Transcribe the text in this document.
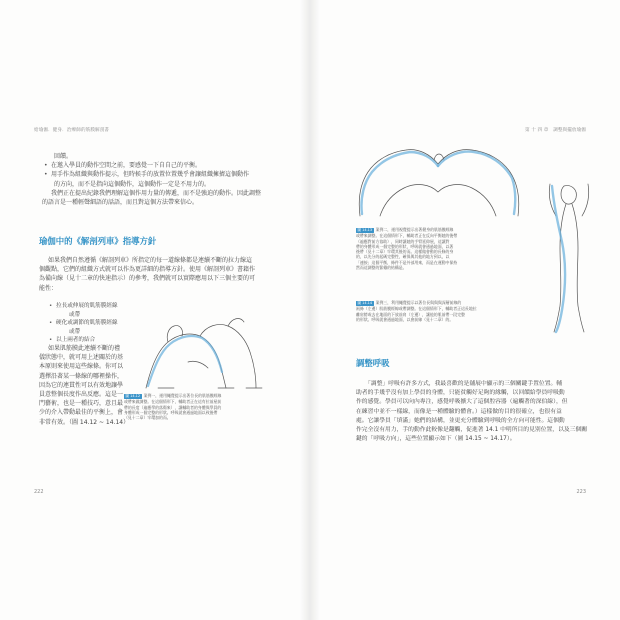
給瑜伽．健身．治療師的筋膜解剖書

回饋。

• 在邀入學員的動作空間之前，要感覺一下自自己的平衡。

• 用手作為組織與動作提示，但時候手的放置位置幾乎會讓組織擁擠這個動作

的方向，而不是指向這個動作，這個動作一定是不用力的。

我們正在提出紀錄我們理解這個作用力量的傳遞，而不是強迫的動作。因此調整

的語言是一種輕聲細語的話語，而且對這個方法帶來信心。

瑜伽中的《解剖列車》指導方針

如果我們自然遵循《解剖列車》所指定的每一道線條都是連續不斷的拉力線這

個觀點，它們的組織方式就可以作為更詳細的指導方針。使用《解剖列車》書籍作

為備向線（見十二章的快速指示）的參考，我們就可以實際應用以下三個主要的可

能性：

• 拉長或伸展的肌筋膜經線

或帶

• 硬化或調節的肌筋膜經線

或帶

• 以上兩者的結合

如果肌筋膜此連續不斷的禮

儀狀態中，就可用上述關於的基

本原則來使用這些線條。你可以

選擇沿著某一條線的哪裡操作，

因為它的連貫性可以有效地讓學

員意整個長度作出反應。這是一

門藝術，也是一種技巧，意且最

少的介入帶動最佳的平衡上，會

非常有效。（圖 14.12 ~ 14.14）

圖 14.12 案例一，運用繩覺提示出著位長的肌筋膜經線
或帶來做調整。在這個情形下，輔助者正在這有拉前屋前
帶的長度（遍應學的落傷來），讓輔助者的身體與學員的
身體形成一個完整的形狀。呼吸就會通過地面以致後帶
（見十二章）牢環加的而。
222
第 十 四 章　調整與擺放瑜伽
圖 14.13 案例二，運用視覺提示出著健身的肌筋膜經線
或帶來調整。在這個情形下，輔助者正在反向平衡她的後帶
（遍應對前方協助），同時讓她的手臂延仰展，這讓對
帶的身體形成一個完整的形狀，呼吸就會通過地面，以著
後帶（見十二章）牢環其後的而。這樣做會動的長條的身
的，以先分的起碼完整性，確保與其他的地方到以，以
「連接」這個平衡，條件不是外部用來，而是在運動中保持
然而這調整的緊繃的結構是。
圖 14.14 案例三，利用繩覺提示以著位長與與與深層前線的
兩條（左邊）肌筋膜經線或帶調整。在這個情形下，輔助者正這長地拉
離肩膀或去在地面的下放前肩（左邊），讓他的肌前帶一段完整
的形狀。呼吸就會通過地面，以會前線（見十二章）的。
調整呼吸

「調整」呼吸有許多方式，我最喜歡的是舖展中顯示的三個關鍵手置位置。輔

助者的手幾乎沒有加上學員的身體，只能貧觸好足夠的緣觸，以回饋給學員呼吸動

作的感覺。學員可以向內專注，感覺呼吸擴大了這個腔容器（遍觸著的深伯線），但

在練習中並不一樣線，而像是一種體驗的體會。）這樣做的目的很確立，也很有益

處。它讓學員「填滿」她們的結構，並更充分體驗到呼吸的全方向可能性。這個動

作完全沒有用力，手的動作此較像是翻觸，促進著 14.1 中明所目的見別位置，以及三個關

鍵的「呼吸方向」，這些位置顯示如下（圖 14.15 ~ 14.17）。

223
